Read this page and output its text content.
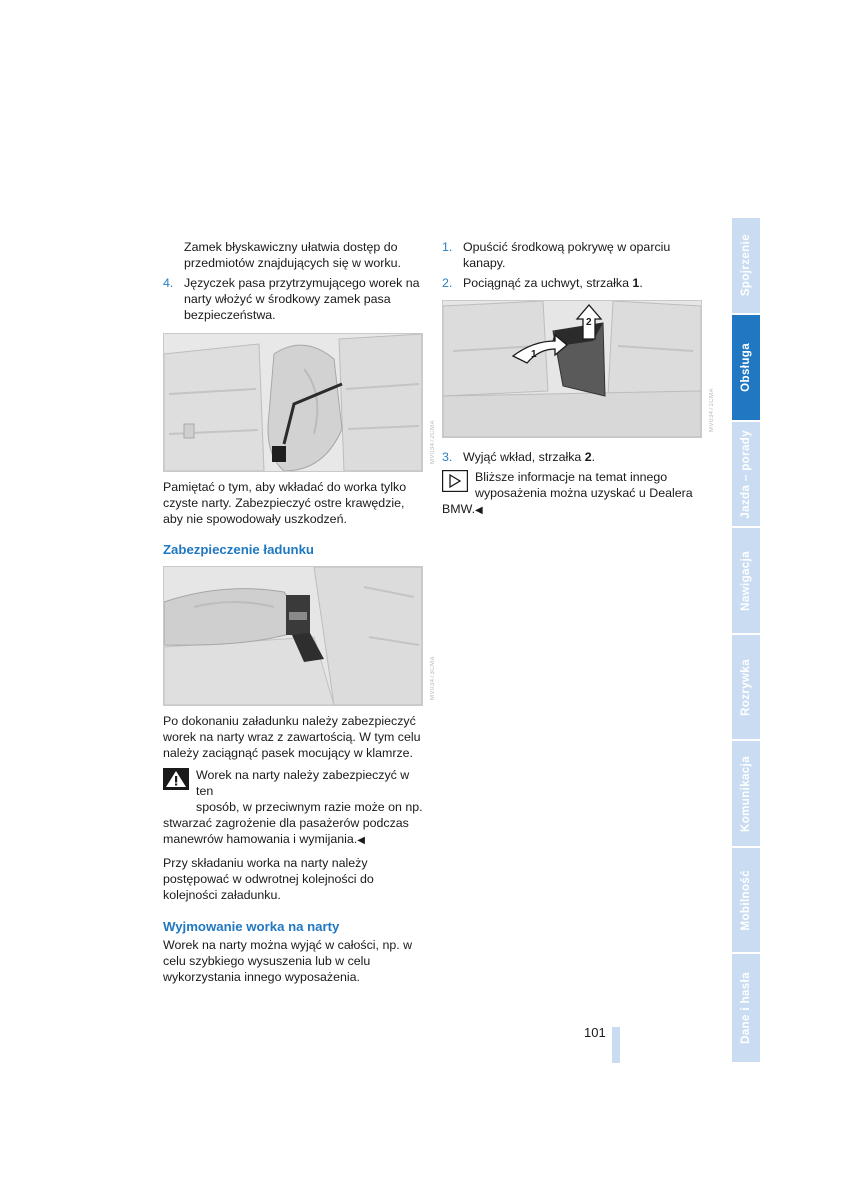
Zamek błyskawiczny ułatwia dostęp do przedmiotów znajdujących się w worku.

4. Języczek pasa przytrzymującego worek na narty włożyć w środkowy zamek pasa bezpieczeństwa.
MV03472CMA

Pamiętać o tym, aby wkładać do worka tylko czyste narty. Zabezpieczyć ostre krawędzie, aby nie spowodowały uszkodzeń.

Zabezpieczenie ładunku
MV03473CMA

Po dokonaniu załadunku należy zabezpieczyć worek na narty wraz z zawartością. W tym celu należy zaciągnąć pasek mocujący w klamrze.

Worek na narty należy zabezpieczyć w ten

sposób, w przeciwnym razie może on np. stwarzać zagrożenie dla pasażerów podczas manewrów hamowania i wymijania.◀

Przy składaniu worka na narty należy postępować w odwrotnej kolejności do kolejności załadunku.

Wyjmowanie worka na narty

Worek na narty można wyjąć w całości, np. w celu szybkiego wysuszenia lub w celu wykorzystania innego wyposażenia.

1. Opuścić środkową pokrywę w oparciu kanapy.
2. Pociągnąć za uchwyt, strzałka 1.
1
2
MV03471CMA
3. Wyjąć wkład, strzałka 2.

Bliższe informacje na temat innego

wyposażenia można uzyskać u Dealera BMW.◀

Spojrzenie
Obsługa
Jazda – porady
Nawigacja
Rozrywka
Komunikacja
Mobilność
Dane i hasła
101
